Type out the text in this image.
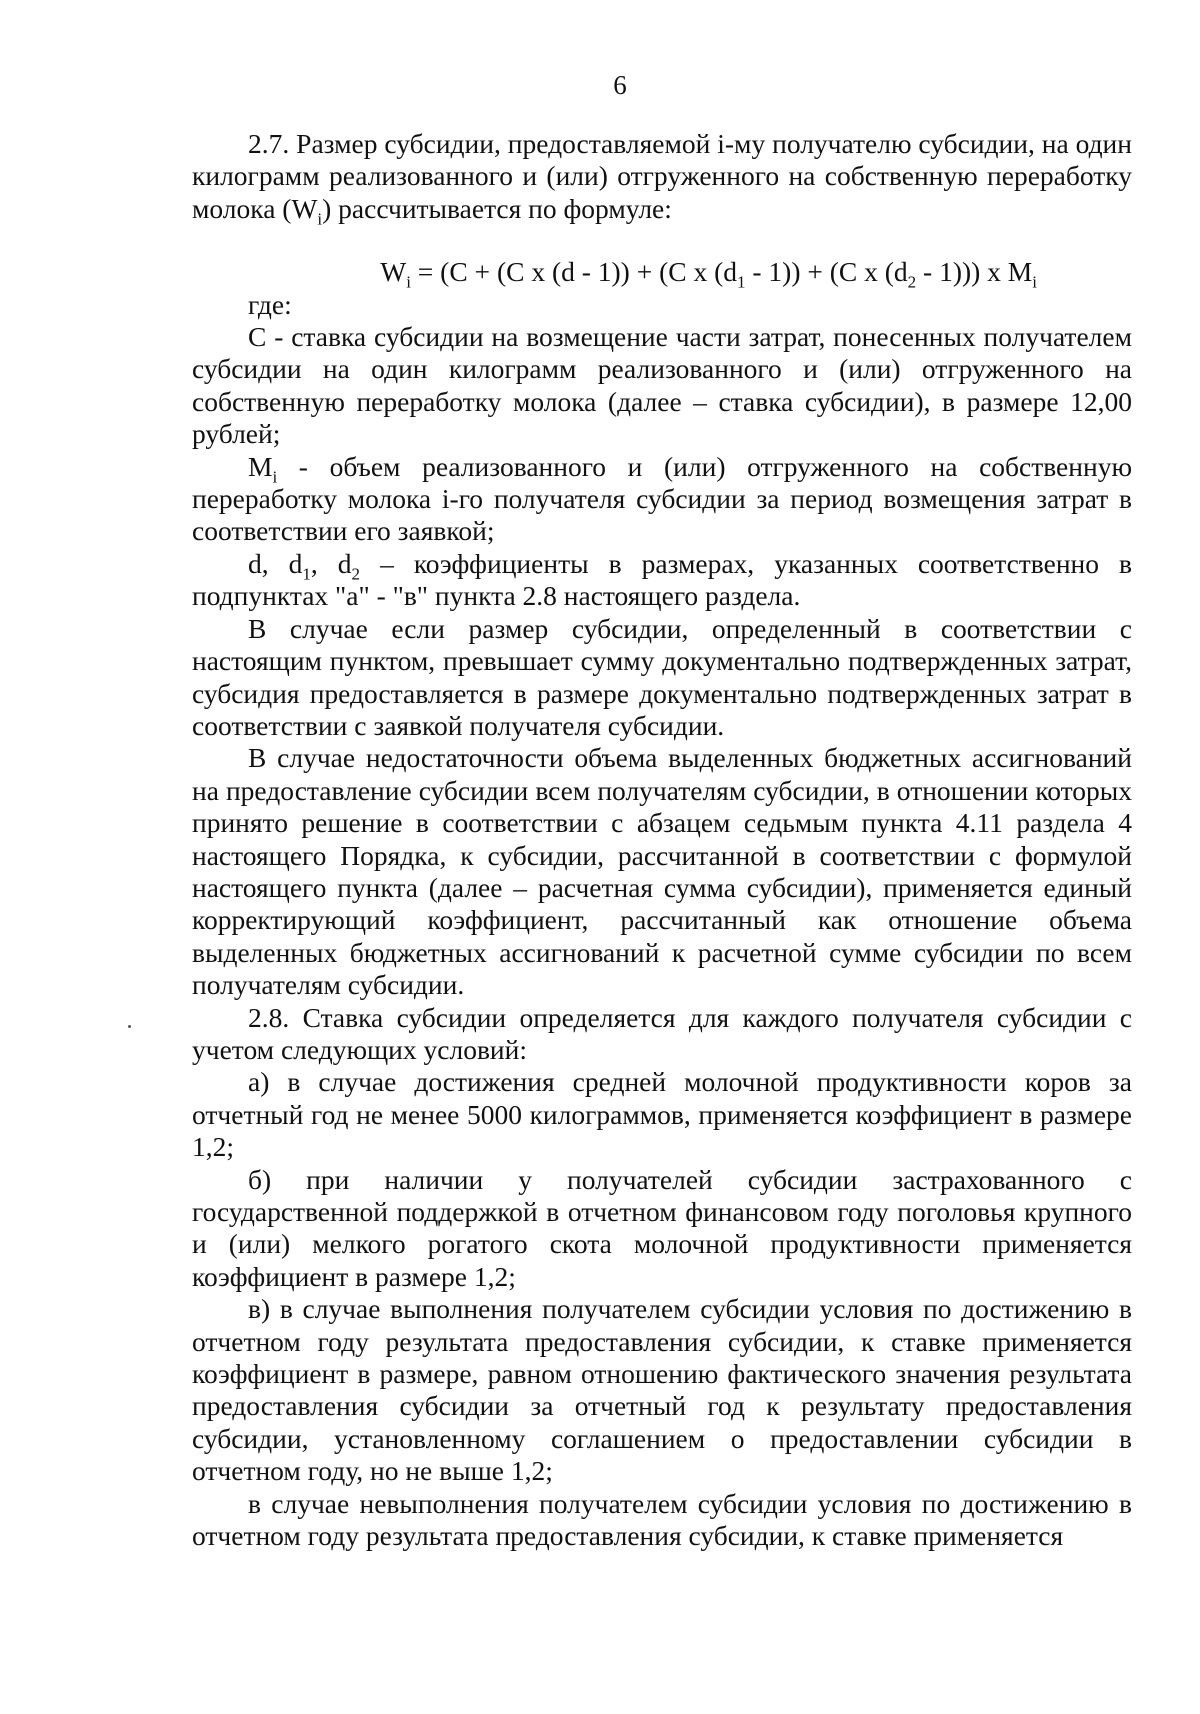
6

2.7. Размер субсидии, предоставляемой i-му получателю субсидии, на один килограмм реализованного и (или) отгруженного на собственную переработку молока $(W_i)$ рассчитывается по формуле:

$W_i = (C + (C$ x (d - 1)) + (C x $(d_1 - 1)) + (C$ x $(d_2 - 1)$)) x $M_i$

где:

С - ставка субсидии на возмещение части затрат, понесенных получателем субсидии на один килограмм реализованного и (или) отгруженного на собственную переработку молока (далее – ставка субсидии), в размере 12,00 рублей;

$M_i$ - объем реализованного и (или) отгруженного на собственную переработку молока i-го получателя субсидии за период возмещения затрат в соответствии его заявкой;

d, $d_1$, $d_2$ – коэффициенты в размерах, указанных соответственно в подпунктах "а" - "в" пункта 2.8 настоящего раздела.

В случае если размер субсидии, определенный в соответствии с настоящим пунктом, превышает сумму документально подтвержденных затрат, субсидия предоставляется в размере документально подтвержденных затрат в соответствии с заявкой получателя субсидии.

В случае недостаточности объема выделенных бюджетных ассигнований на предоставление субсидии всем получателям субсидии, в отношении которых принято решение в соответствии с абзацем седьмым пункта 4.11 раздела 4 настоящего Порядка, к субсидии, рассчитанной в соответствии с формулой настоящего пункта (далее – расчетная сумма субсидии), применяется единый корректирующий коэффициент, рассчитанный как отношение объема выделенных бюджетных ассигнований к расчетной сумме субсидии по всем получателям субсидии.

2.8. Ставка субсидии определяется для каждого получателя субсидии с учетом следующих условий:

а) в случае достижения средней молочной продуктивности коров за отчетный год не менее 5000 килограммов, применяется коэффициент в размере 1,2;

б) при наличии у получателей субсидии застрахованного с государственной поддержкой в отчетном финансовом году поголовья крупного и (или) мелкого рогатого скота молочной продуктивности применяется коэффициент в размере 1,2;

в) в случае выполнения получателем субсидии условия по достижению в отчетном году результата предоставления субсидии, к ставке применяется коэффициент в размере, равном отношению фактического значения результата предоставления субсидии за отчетный год к результату предоставления субсидии, установленному соглашением о предоставлении субсидии в отчетном году, но не выше 1,2;

в случае невыполнения получателем субсидии условия по достижению в отчетном году результата предоставления субсидии, к ставке применяется
